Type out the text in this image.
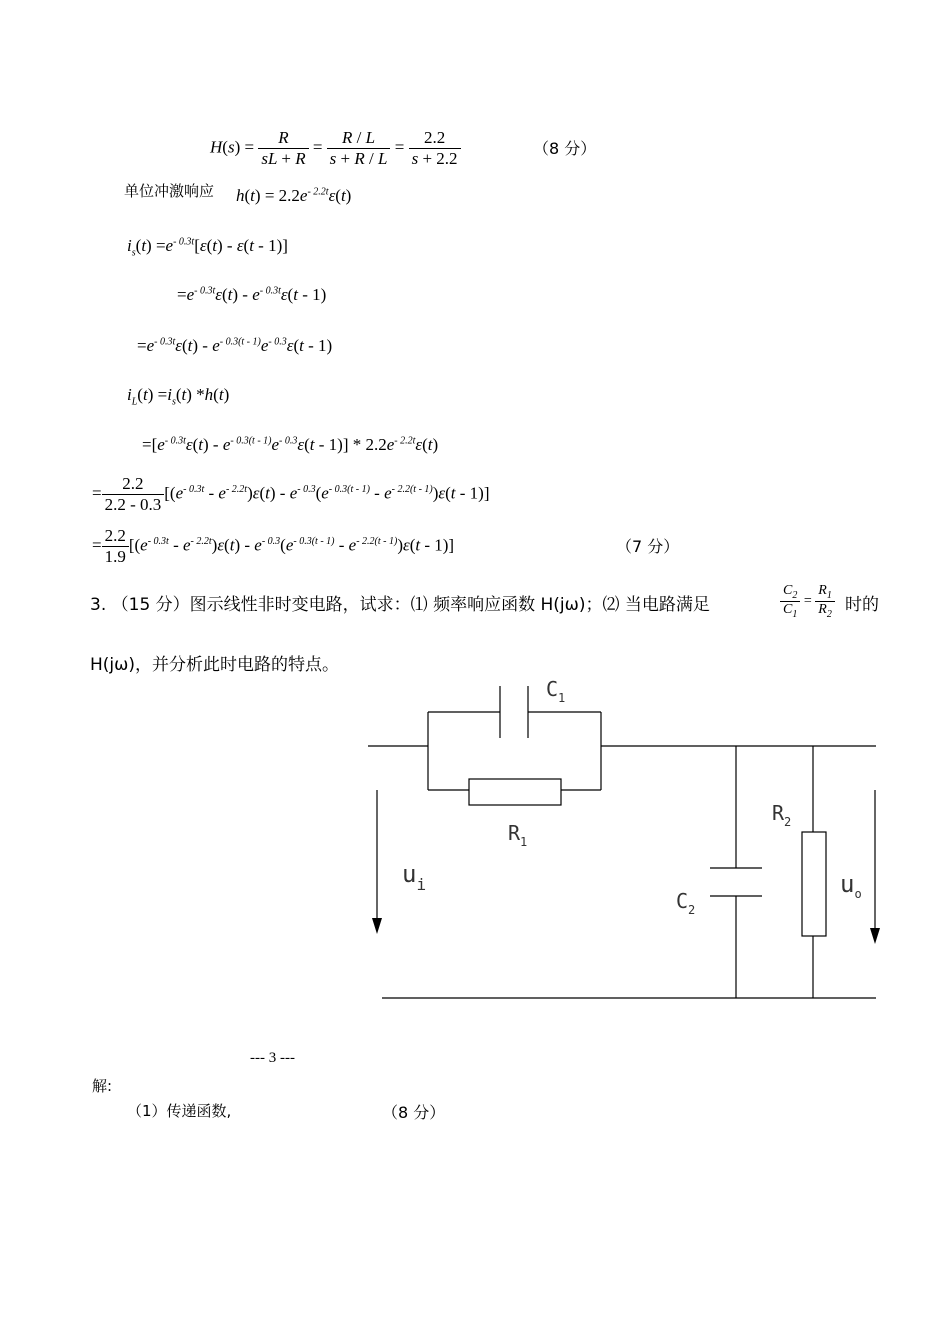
$H(s) = \frac{R}{sL + R} = \frac{R / L}{s + R / L} = \frac{2.2}{s + 2.2}$	（8 分）
单位冲激响应 $h(t) = 2.2e^{- 2.2t}\varepsilon(t)$
$i_s(t) =e^{- 0.3t}[\varepsilon(t) - \varepsilon(t - 1)]$
$=e^{- 0.3t}\varepsilon(t) - e^{- 0.3t}\varepsilon(t - 1)$
$=e^{- 0.3t}\varepsilon(t) - e^{- 0.3(t - 1)}e^{- 0.3}\varepsilon(t - 1)$
$i_L(t) =i_s(t)$ *h(t)
$=[e^{- 0.3t}\varepsilon(t) - e^{- 0.3(t - 1)}e^{- 0.3}\varepsilon(t - 1)] * 2.2e^{- 2.2t}\varepsilon(t)$
= $\frac{2.2}{2.2 - 0.3} [(e^{- 0.3t} - e^{- 2.2t})\varepsilon(t) - e^{- 0.3}(e^{- 0.3(t - 1)} - e^{- 2.2(t - 1)})\varepsilon(t - 1)]$
= $\frac{2.2}{1.9} [(e^{- 0.3t} - e^{- 2.2t})\varepsilon(t) - e^{- 0.3}(e^{- 0.3(t - 1)} - e^{- 2.2(t - 1)})\varepsilon(t - 1)]$	（7 分）
3. （15 分）图示线性非时变电路，试求：⑴ 频率响应函数 H(jω)；⑵ 当电路满足	$\frac{C_2}{C_1} = \frac{R_1}{R_2}$ 时的
H(jω)，并分析此时电路的特点。
$C_1$
$R_1$
$R_2$
$C_2$
$u_i$	$u_o$
--- 3 ---
解:
（1）传递函数,	（8 分）
